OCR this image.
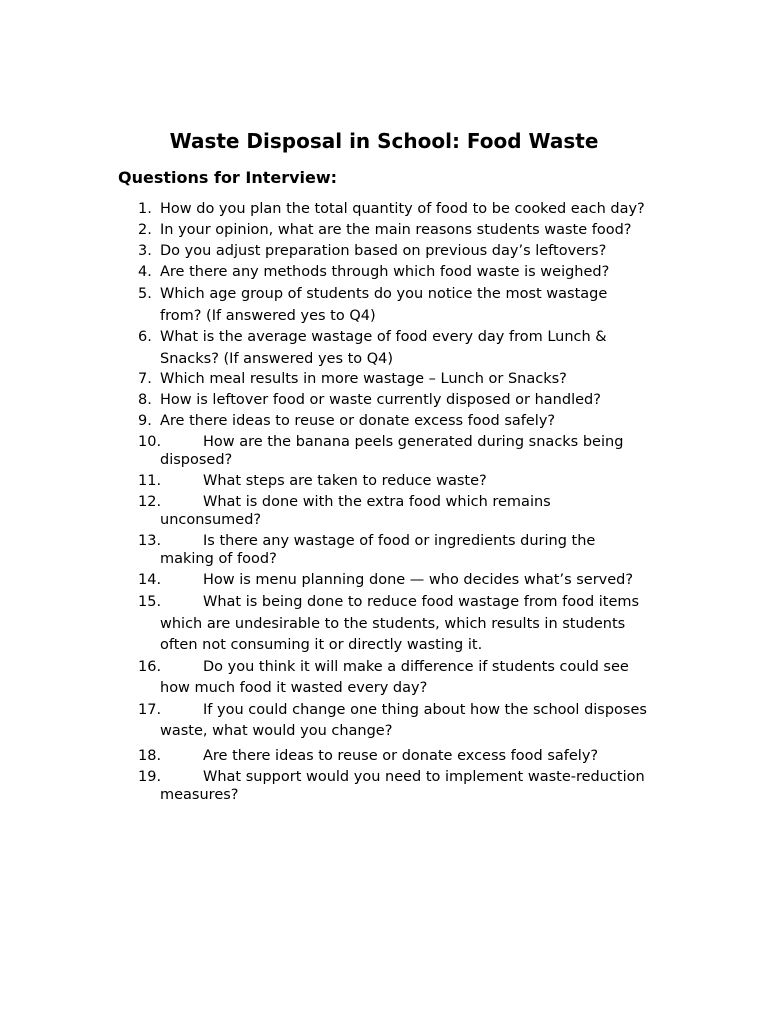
Waste Disposal in School: Food Waste
Questions for Interview:
1. How do you plan the total quantity of food to be cooked each day?
2. In your opinion, what are the main reasons students waste food?
3. Do you adjust preparation based on previous day’s leftovers?
4. Are there any methods through which food waste is weighed?
5. Which age group of students do you notice the most wastage from? (If answered yes to Q4)
6. What is the average wastage of food every day from Lunch & Snacks? (If answered yes to Q4)
7. Which meal results in more wastage – Lunch or Snacks?
8. How is leftover food or waste currently disposed or handled?
9. Are there ideas to reuse or donate excess food safely?
10.	How are the banana peels generated during snacks being disposed?
11.	What steps are taken to reduce waste?
12.	What is done with the extra food which remains unconsumed?
13.	Is there any wastage of food or ingredients during the making of food?
14.	How is menu planning done — who decides what’s served?
15.	What is being done to reduce food wastage from food items which are undesirable to the students, which results in students often not consuming it or directly wasting it.
16.	Do you think it will make a difference if students could see how much food it wasted every day?
17.	If you could change one thing about how the school disposes waste, what would you change?
18.	Are there ideas to reuse or donate excess food safely?
19.	What support would you need to implement waste-reduction measures?
